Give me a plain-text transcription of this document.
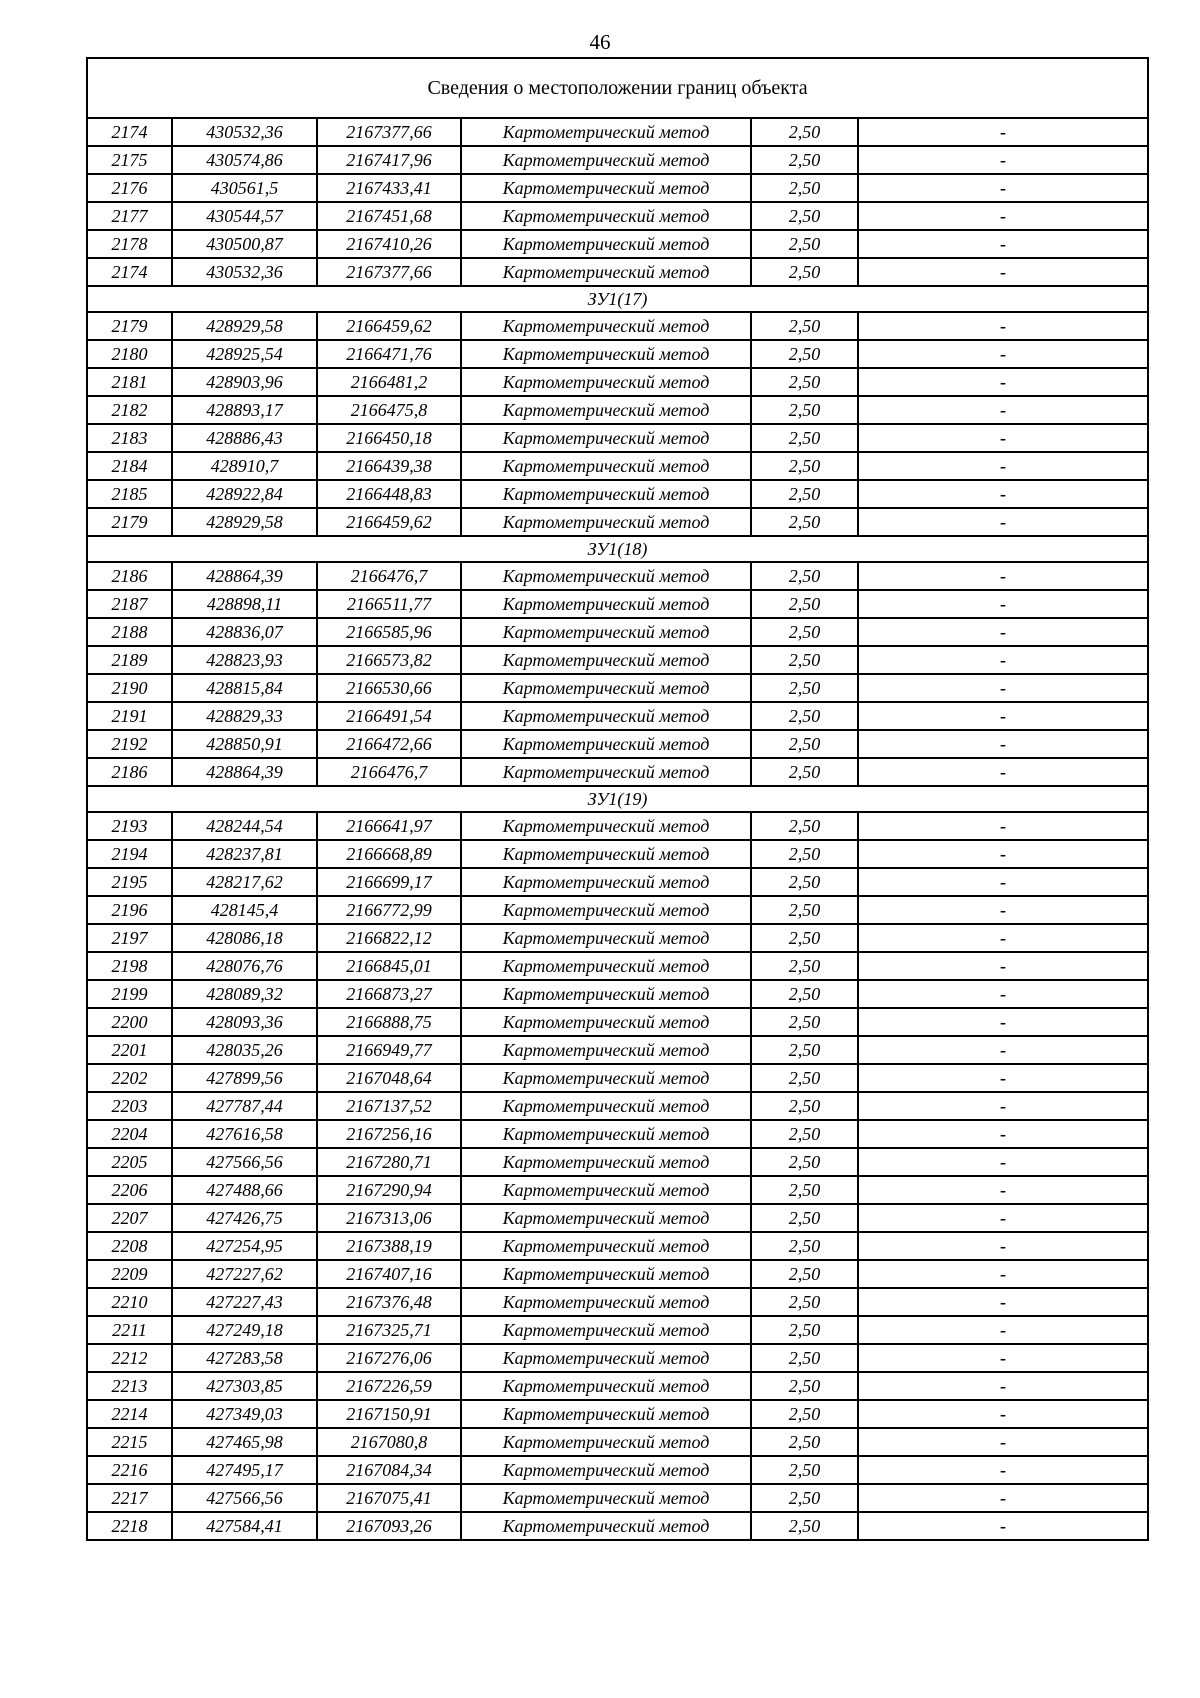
46
Сведения о местоположении границ объекта					
2174	430532,36	2167377,66	Картометрический метод	2,50	-
2175	430574,86	2167417,96	Картометрический метод	2,50	-
2176	430561,5	2167433,41	Картометрический метод	2,50	-
2177	430544,57	2167451,68	Картометрический метод	2,50	-
2178	430500,87	2167410,26	Картометрический метод	2,50	-
2174	430532,36	2167377,66	Картометрический метод	2,50	-
ЗУ1(17)					
2179	428929,58	2166459,62	Картометрический метод	2,50	-
2180	428925,54	2166471,76	Картометрический метод	2,50	-
2181	428903,96	2166481,2	Картометрический метод	2,50	-
2182	428893,17	2166475,8	Картометрический метод	2,50	-
2183	428886,43	2166450,18	Картометрический метод	2,50	-
2184	428910,7	2166439,38	Картометрический метод	2,50	-
2185	428922,84	2166448,83	Картометрический метод	2,50	-
2179	428929,58	2166459,62	Картометрический метод	2,50	-
ЗУ1(18)					
2186	428864,39	2166476,7	Картометрический метод	2,50	-
2187	428898,11	2166511,77	Картометрический метод	2,50	-
2188	428836,07	2166585,96	Картометрический метод	2,50	-
2189	428823,93	2166573,82	Картометрический метод	2,50	-
2190	428815,84	2166530,66	Картометрический метод	2,50	-
2191	428829,33	2166491,54	Картометрический метод	2,50	-
2192	428850,91	2166472,66	Картометрический метод	2,50	-
2186	428864,39	2166476,7	Картометрический метод	2,50	-
ЗУ1(19)					
2193	428244,54	2166641,97	Картометрический метод	2,50	-
2194	428237,81	2166668,89	Картометрический метод	2,50	-
2195	428217,62	2166699,17	Картометрический метод	2,50	-
2196	428145,4	2166772,99	Картометрический метод	2,50	-
2197	428086,18	2166822,12	Картометрический метод	2,50	-
2198	428076,76	2166845,01	Картометрический метод	2,50	-
2199	428089,32	2166873,27	Картометрический метод	2,50	-
2200	428093,36	2166888,75	Картометрический метод	2,50	-
2201	428035,26	2166949,77	Картометрический метод	2,50	-
2202	427899,56	2167048,64	Картометрический метод	2,50	-
2203	427787,44	2167137,52	Картометрический метод	2,50	-
2204	427616,58	2167256,16	Картометрический метод	2,50	-
2205	427566,56	2167280,71	Картометрический метод	2,50	-
2206	427488,66	2167290,94	Картометрический метод	2,50	-
2207	427426,75	2167313,06	Картометрический метод	2,50	-
2208	427254,95	2167388,19	Картометрический метод	2,50	-
2209	427227,62	2167407,16	Картометрический метод	2,50	-
2210	427227,43	2167376,48	Картометрический метод	2,50	-
2211	427249,18	2167325,71	Картометрический метод	2,50	-
2212	427283,58	2167276,06	Картометрический метод	2,50	-
2213	427303,85	2167226,59	Картометрический метод	2,50	-
2214	427349,03	2167150,91	Картометрический метод	2,50	-
2215	427465,98	2167080,8	Картометрический метод	2,50	-
2216	427495,17	2167084,34	Картометрический метод	2,50	-
2217	427566,56	2167075,41	Картометрический метод	2,50	-
2218	427584,41	2167093,26	Картометрический метод	2,50	-
